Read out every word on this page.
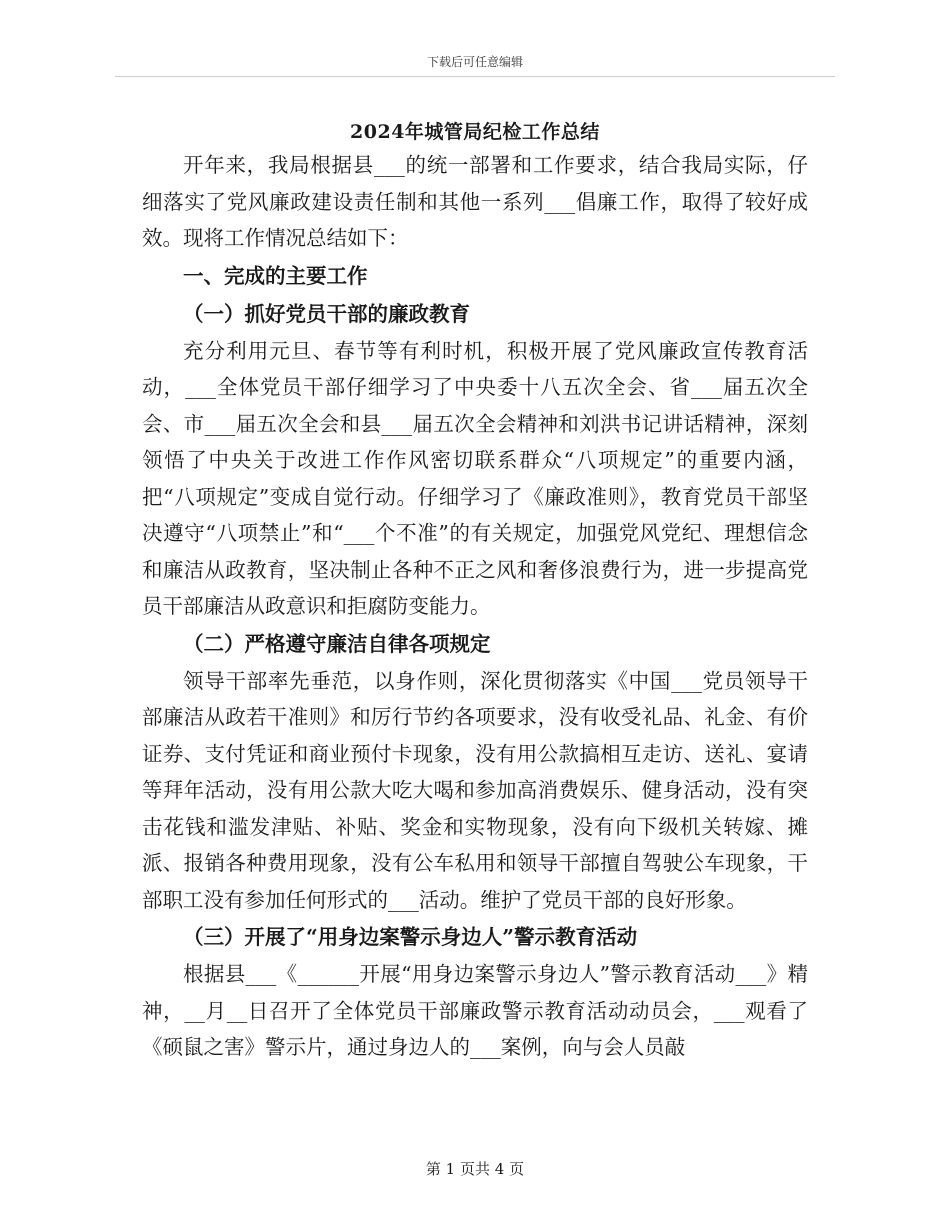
下载后可任意编辑
2024年城管局纪检工作总结

开年来，我局根据县___的统一部署和工作要求，结合我局实际，仔细落实了党风廉政建设责任制和其他一系列___倡廉工作，取得了较好成效。现将工作情况总结如下：

一、完成的主要工作

（一）抓好党员干部的廉政教育

充分利用元旦、春节等有利时机，积极开展了党风廉政宣传教育活动，___全体党员干部仔细学习了中央委十八五次全会、省___届五次全会、市___届五次全会和县___届五次全会精神和刘洪书记讲话精神，深刻领悟了中央关于改进工作作风密切联系群众“八项规定”的重要内涵，把“八项规定”变成自觉行动。仔细学习了《廉政准则》，教育党员干部坚决遵守“八项禁止”和“___个不准”的有关规定，加强党风党纪、理想信念和廉洁从政教育，坚决制止各种不正之风和奢侈浪费行为，进一步提高党员干部廉洁从政意识和拒腐防变能力。

（二）严格遵守廉洁自律各项规定

领导干部率先垂范，以身作则，深化贯彻落实《中国___党员领导干部廉洁从政若干准则》和厉行节约各项要求，没有收受礼品、礼金、有价证券、支付凭证和商业预付卡现象，没有用公款搞相互走访、送礼、宴请等拜年活动，没有用公款大吃大喝和参加高消费娱乐、健身活动，没有突击花钱和滥发津贴、补贴、奖金和实物现象，没有向下级机关转嫁、摊派、报销各种费用现象，没有公车私用和领导干部擅自驾驶公车现象，干部职工没有参加任何形式的___活动。维护了党员干部的良好形象。

（三）开展了“用身边案警示身边人”警示教育活动

根据县___《______开展“用身边案警示身边人”警示教育活动___》精神，__月__日召开了全体党员干部廉政警示教育活动动员会，___观看了《硕鼠之害》警示片，通过身边人的___案例，向与会人员敲

第 1 页共 4 页
